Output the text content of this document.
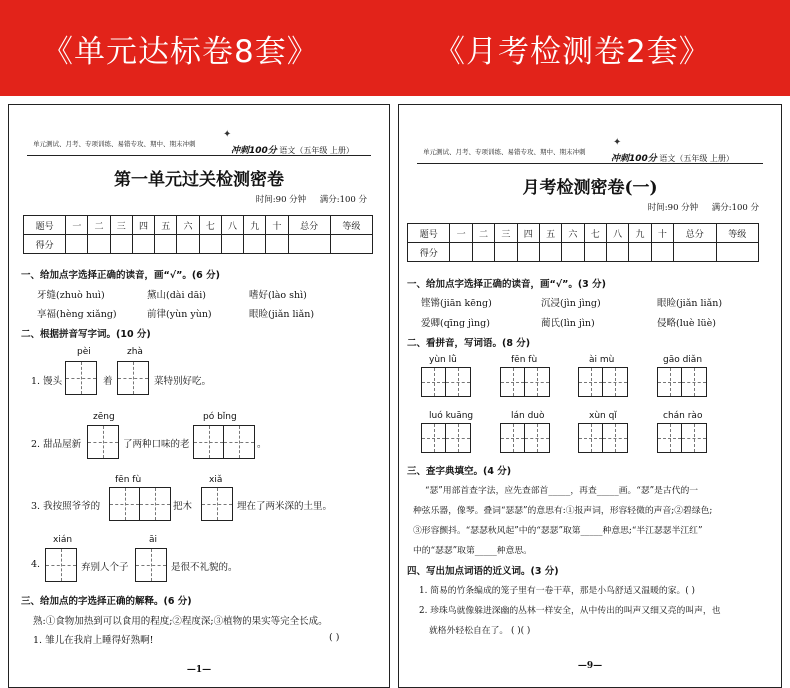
《单元达标卷8套》	《月考检测卷2套》
单元测试、月考、专项训练、易错专攻、期中、期末冲刺
✦
冲刺100分 语文（五年级 上册）
第一单元过关检测密卷
时间:90 分钟 满分:100 分
题号	一	二	三	四	五	六	七	八	九	十	总分	等级
得分												
一、给加点字选择正确的读音，画“√”。(6 分)
牙缝(zhuò huì)	黛山(dài dāi)	嗜好(lào shì)
享福(hèng xiǎng)	前律(yùn yùn)	眼睑(jiǎn liǎn)
二、根据拼音写字词。(10 分)
pèi	zhà
1. 馒头	着	菜特别好吃。
zēng	pó bǐng
2. 甜品屋新	了两种口味的老	。
fēn fù	xiǎ
3. 我按照爷爷的	把木	埋在了两米深的土里。
xián	āi
4.	弃别人个子	是很不礼貌的。
三、给加点的字选择正确的解释。(6 分)
熟:①食物加热到可以食用的程度;②程度深;③植物的果实等完全长成。
1. 雏儿在我肩上睡得好熟啊!	( )
—1—
单元测试、月考、专项训练、易错专攻、期中、期末冲刺
✦
冲刺100分 语文（五年级 上册）
月考检测密卷(一)
时间:90 分钟 满分:100 分
题号	一	二	三	四	五	六	七	八	九	十	总分	等级
得分												
一、给加点字选择正确的读音，画“√”。(3 分)
铿锵(jiān kēng)	沉浸(jìn jìng)	眼睑(jiǎn liǎn)
爱卿(qīng jìng)	蔺氏(lìn jìn)	侵略(luè lüè)
二、看拼音，写词语。(8 分)
yùn lǜ	fēn fù	ài mù	gāo diǎn
luó kuāng	lán duò	xùn qǐ	chán rào
三、查字典填空。(4 分)
“瑟”用部首查字法，应先查部首_____，再查_____画。“瑟”是古代的一
种弦乐器，像琴。叠词“瑟瑟”的意思有:①报声词，形容轻微的声音;②碧绿色;
③形容颤抖。“瑟瑟秋风起”中的“瑟瑟”取第_____种意思;“半江瑟瑟半江红”
中的“瑟瑟”取第_____种意思。
四、写出加点词语的近义词。(3 分)
1. 简易的竹条编成的笼子里有一卷干草，那是小鸟舒适又温暖的家。( )
2. 珍珠鸟就像躲进深幽的丛林一样安全，从中传出的叫声又细又亮的叫声，也
就格外轻松自在了。 ( )( )
—9—
